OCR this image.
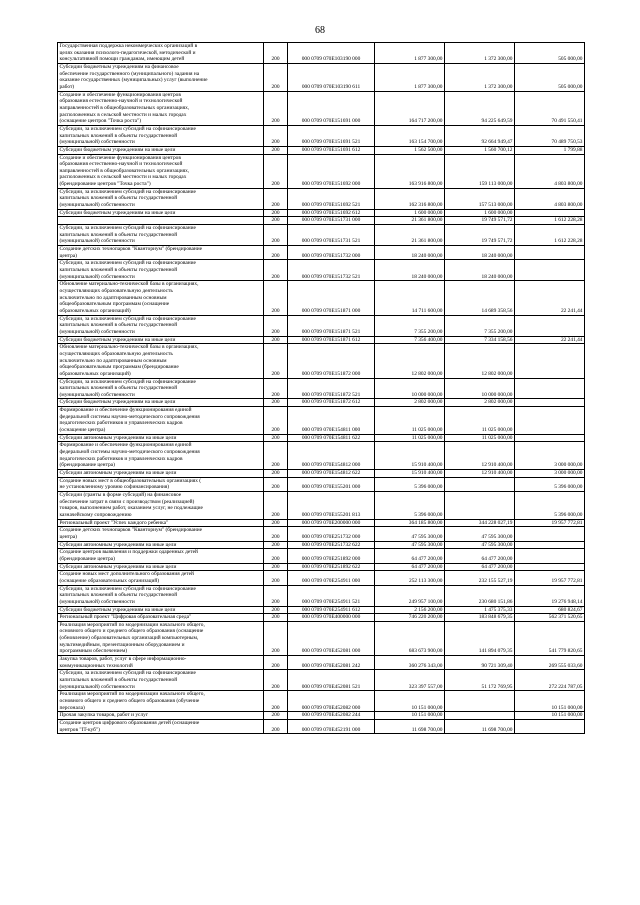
68
Государственная поддержка некоммерческих организаций в
целях оказания психолого-педагогической, методической и
консультативной помощи гражданам, имеющим детей	200	000 0709 070E103190 000	1 877 300,00	1 372 300,00	505 000,00

Субсидии бюджетным учреждениям на финансовое
обеспечение государственного (муниципального) задания на
оказание государственных (муниципальных) услуг (выполнение
работ)	200	000 0709 070E103190 611	1 877 300,00	1 372 300,00	505 000,00

Создание и обеспечение функционирования центров
образования естественно-научной и технологической
направленностей в общеобразовательных организациях,
расположенных в сельской местности и малых городах
(оснащение центров "Точка роста")	200	000 0709 070E151691 000	164 717 200,00	94 225 649,59	70 491 550,41

Субсидии, за исключением субсидий на софинансирование
капитальных вложений в объекты государственной
(муниципальной) собственности	200	000 0709 070E151691 521	163 154 700,00	92 664 949,47	70 489 750,53

Субсидии бюджетным учреждениям на иные цели	200	000 0709 070E151691 612	1 562 500,00	1 560 700,12	1 799,88

Создание и обеспечение функционирования центров
образования естественно-научной и технологической
направленностей в общеобразовательных организациях,
расположенных в сельской местности и малых городах
(брендирование центров "Точка роста")	200	000 0709 070E151692 000	163 916 800,00	159 113 000,00	4 803 800,00

Субсидии, за исключением субсидий на софинансирование
капитальных вложений в объекты государственной
(муниципальной) собственности	200	000 0709 070E151692 521	162 316 800,00	157 513 000,00	4 803 800,00

Субсидии бюджетным учреждениям на иные цели	200	000 0709 070E151692 612	1 600 000,00	1 600 000,00	

	200	000 0709 070E151731 000	21 361 800,00	19 749 571,72	1 612 228,28

Субсидии, за исключением субсидий на софинансирование
капитальных вложений в объекты государственной
(муниципальной) собственности	200	000 0709 070E151731 521	21 361 800,00	19 749 571,72	1 612 228,28

Создание детских технопарков "Кванториум" (брендирование
центра)	200	000 0709 070E151732 000	18 240 000,00	18 240 000,00	

Субсидии, за исключением субсидий на софинансирование
капитальных вложений в объекты государственной
(муниципальной) собственности	200	000 0709 070E151732 521	18 240 000,00	18 240 000,00	

Обновление материально-технической базы в организациях,
осуществляющих образовательную деятельность
исключительно по адаптированным основным
общеобразовательным программам (оснащение
образовательных организаций)	200	000 0709 070E151871 000	14 711 600,00	14 689 358,56	22 241,44

Субсидии, за исключением субсидий на софинансирование
капитальных вложений в объекты государственной
(муниципальной) собственности	200	000 0709 070E151871 521	7 355 200,00	7 355 200,00	

Субсидии бюджетным учреждениям на иные цели	200	000 0709 070E151871 612	7 356 400,00	7 334 158,56	22 241,44

Обновление материально-технической базы в организациях,
осуществляющих образовательную деятельность
исключительно по адаптированным основным
общеобразовательным программам (брендирование
образовательных организаций)	200	000 0709 070E151872 000	12 802 000,00	12 802 000,00	

Субсидии, за исключением субсидий на софинансирование
капитальных вложений в объекты государственной
(муниципальной) собственности	200	000 0709 070E151872 521	10 000 000,00	10 000 000,00	

Субсидии бюджетным учреждениям на иные цели	200	000 0709 070E151872 612	2 802 000,00	2 802 000,00	

Формирование и обеспечение функционирования единой
федеральной системы научно-методического сопровождения
педагогических работников и управленческих кадров
(оснащение центра)	200	000 0709 070E154811 000	11 025 000,00	11 025 000,00	

Субсидии автономным учреждениям на иные цели	200	000 0709 070E154811 622	11 025 000,00	11 025 000,00	

Формирование и обеспечение функционирования единой
федеральной системы научно-методического сопровождения
педагогических работников и управленческих кадров
(брендирование центра)	200	000 0709 070E154812 000	15 910 400,00	12 910 400,00	3 000 000,00

Субсидии автономным учреждениям на иные цели	200	000 0709 070E154812 622	15 910 400,00	12 910 400,00	3 000 000,00

Создание новых мест в общеобразовательных организациях (
не установленному уровню софинансирования)	200	000 0709 070E155201 000	5 396 000,00		5 396 000,00

Субсидии (гранты в форме субсидий) на финансовое
обеспечение затрат в связи с производством (реализацией)
товаров, выполнением работ, оказанием услуг, не подлежащие
казначейскому сопровождению	200	000 0709 070E155201 813	5 396 000,00		5 396 000,00

Региональный проект "Успех каждого ребенка"	200	000 0709 070E200000 000	364 185 800,00	344 228 027,19	19 957 772,81

Создание детских технопарков "Кванториум" (брендирование
центра)	200	000 0709 070E251732 000	47 595 300,00	47 595 300,00	

Субсидии автономным учреждениям на иные цели	200	000 0709 070E251732 622	47 595 300,00	47 595 300,00	

Создание центров выявления и поддержки одаренных детей
(брендирование центра)	200	000 0709 070E251892 000	64 477 200,00	64 477 200,00	

Субсидии автономным учреждениям на иные цели	200	000 0709 070E251892 622	64 477 200,00	64 477 200,00	

Создание новых мест дополнительного образования детей
(оснащение образовательных организаций)	200	000 0709 070E254911 000	252 113 300,00	232 155 527,19	19 957 772,81

Субсидии, за исключением субсидий на софинансирование
капитальных вложений в объекты государственной
(муниципальной) собственности	200	000 0709 070E254911 521	249 957 100,00	230 680 151,86	19 276 948,14

Субсидии бюджетным учреждениям на иные цели	200	000 0709 070E254911 612	2 156 200,00	1 475 375,33	680 824,67

Региональный проект "Цифровая образовательная среда"	200	000 0709 070E400000 000	746 220 200,00	183 848 679,35	562 371 520,65

Реализация мероприятий по модернизации начального общего,
основного общего и среднего общего образования (оснащение
(обновление) образовательных организаций компьютерным,
мультимедийным, презентационным оборудованием и
программным обеспечением)	200	000 0709 070E452081 000	683 673 900,00	141 894 079,35	541 779 820,65

Закупка товаров, работ, услуг в сфере информационно-
коммуникационных технологий	200	000 0709 070E452081 242	360 276 343,00	90 721 309,40	269 555 033,60

Субсидии, за исключением субсидий на софинансирование
капитальных вложений в объекты государственной
(муниципальной) собственности	200	000 0709 070E452081 521	323 397 557,00	51 172 769,95	272 224 787,05

Реализация мероприятий по модернизации начального общего,
основного общего и среднего общего образования (обучение
персонала)	200	000 0709 070E452082 000	10 151 000,00		10 151 000,00

Прочая закупка товаров, работ и услуг	200	000 0709 070E452082 244	10 151 000,00		10 151 000,00

Создание центров цифрового образования детей (оснащение
центров "IT-куб")	200	000 0709 070E452191 000	11 698 700,00	11 698 700,00	
